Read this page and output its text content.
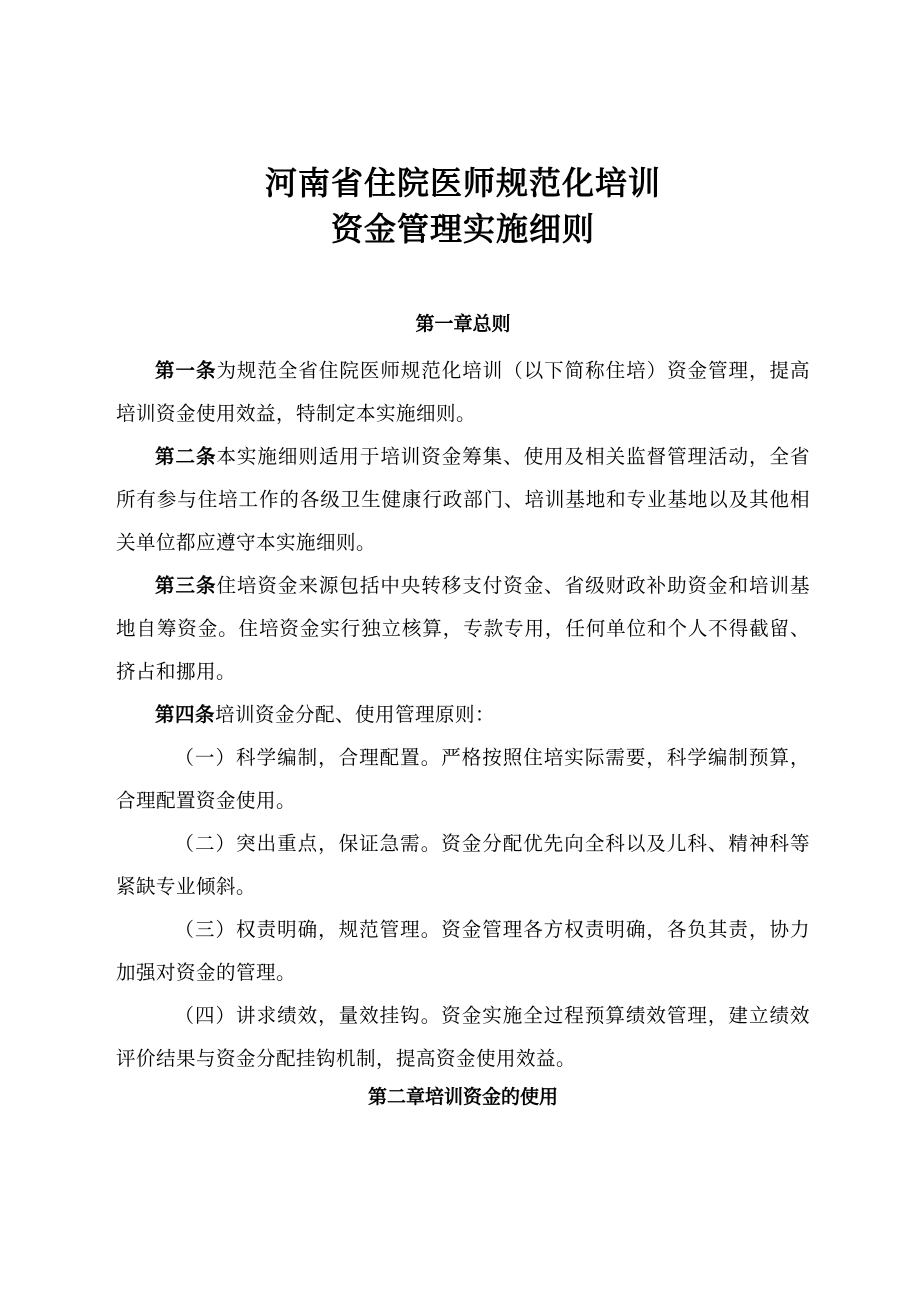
河南省住院医师规范化培训
资金管理实施细则
第一章总则

第一条为规范全省住院医师规范化培训（以下简称住培）资金管理，提高培训资金使用效益，特制定本实施细则。

第二条本实施细则适用于培训资金筹集、使用及相关监督管理活动，全省所有参与住培工作的各级卫生健康行政部门、培训基地和专业基地以及其他相关单位都应遵守本实施细则。

第三条住培资金来源包括中央转移支付资金、省级财政补助资金和培训基地自筹资金。住培资金实行独立核算，专款专用，任何单位和个人不得截留、挤占和挪用。

第四条培训资金分配、使用管理原则：

（一）科学编制，合理配置。严格按照住培实际需要，科学编制预算，合理配置资金使用。

（二）突出重点，保证急需。资金分配优先向全科以及儿科、精神科等紧缺专业倾斜。

（三）权责明确，规范管理。资金管理各方权责明确，各负其责，协力加强对资金的管理。

（四）讲求绩效，量效挂钩。资金实施全过程预算绩效管理，建立绩效评价结果与资金分配挂钩机制，提高资金使用效益。

第二章培训资金的使用
